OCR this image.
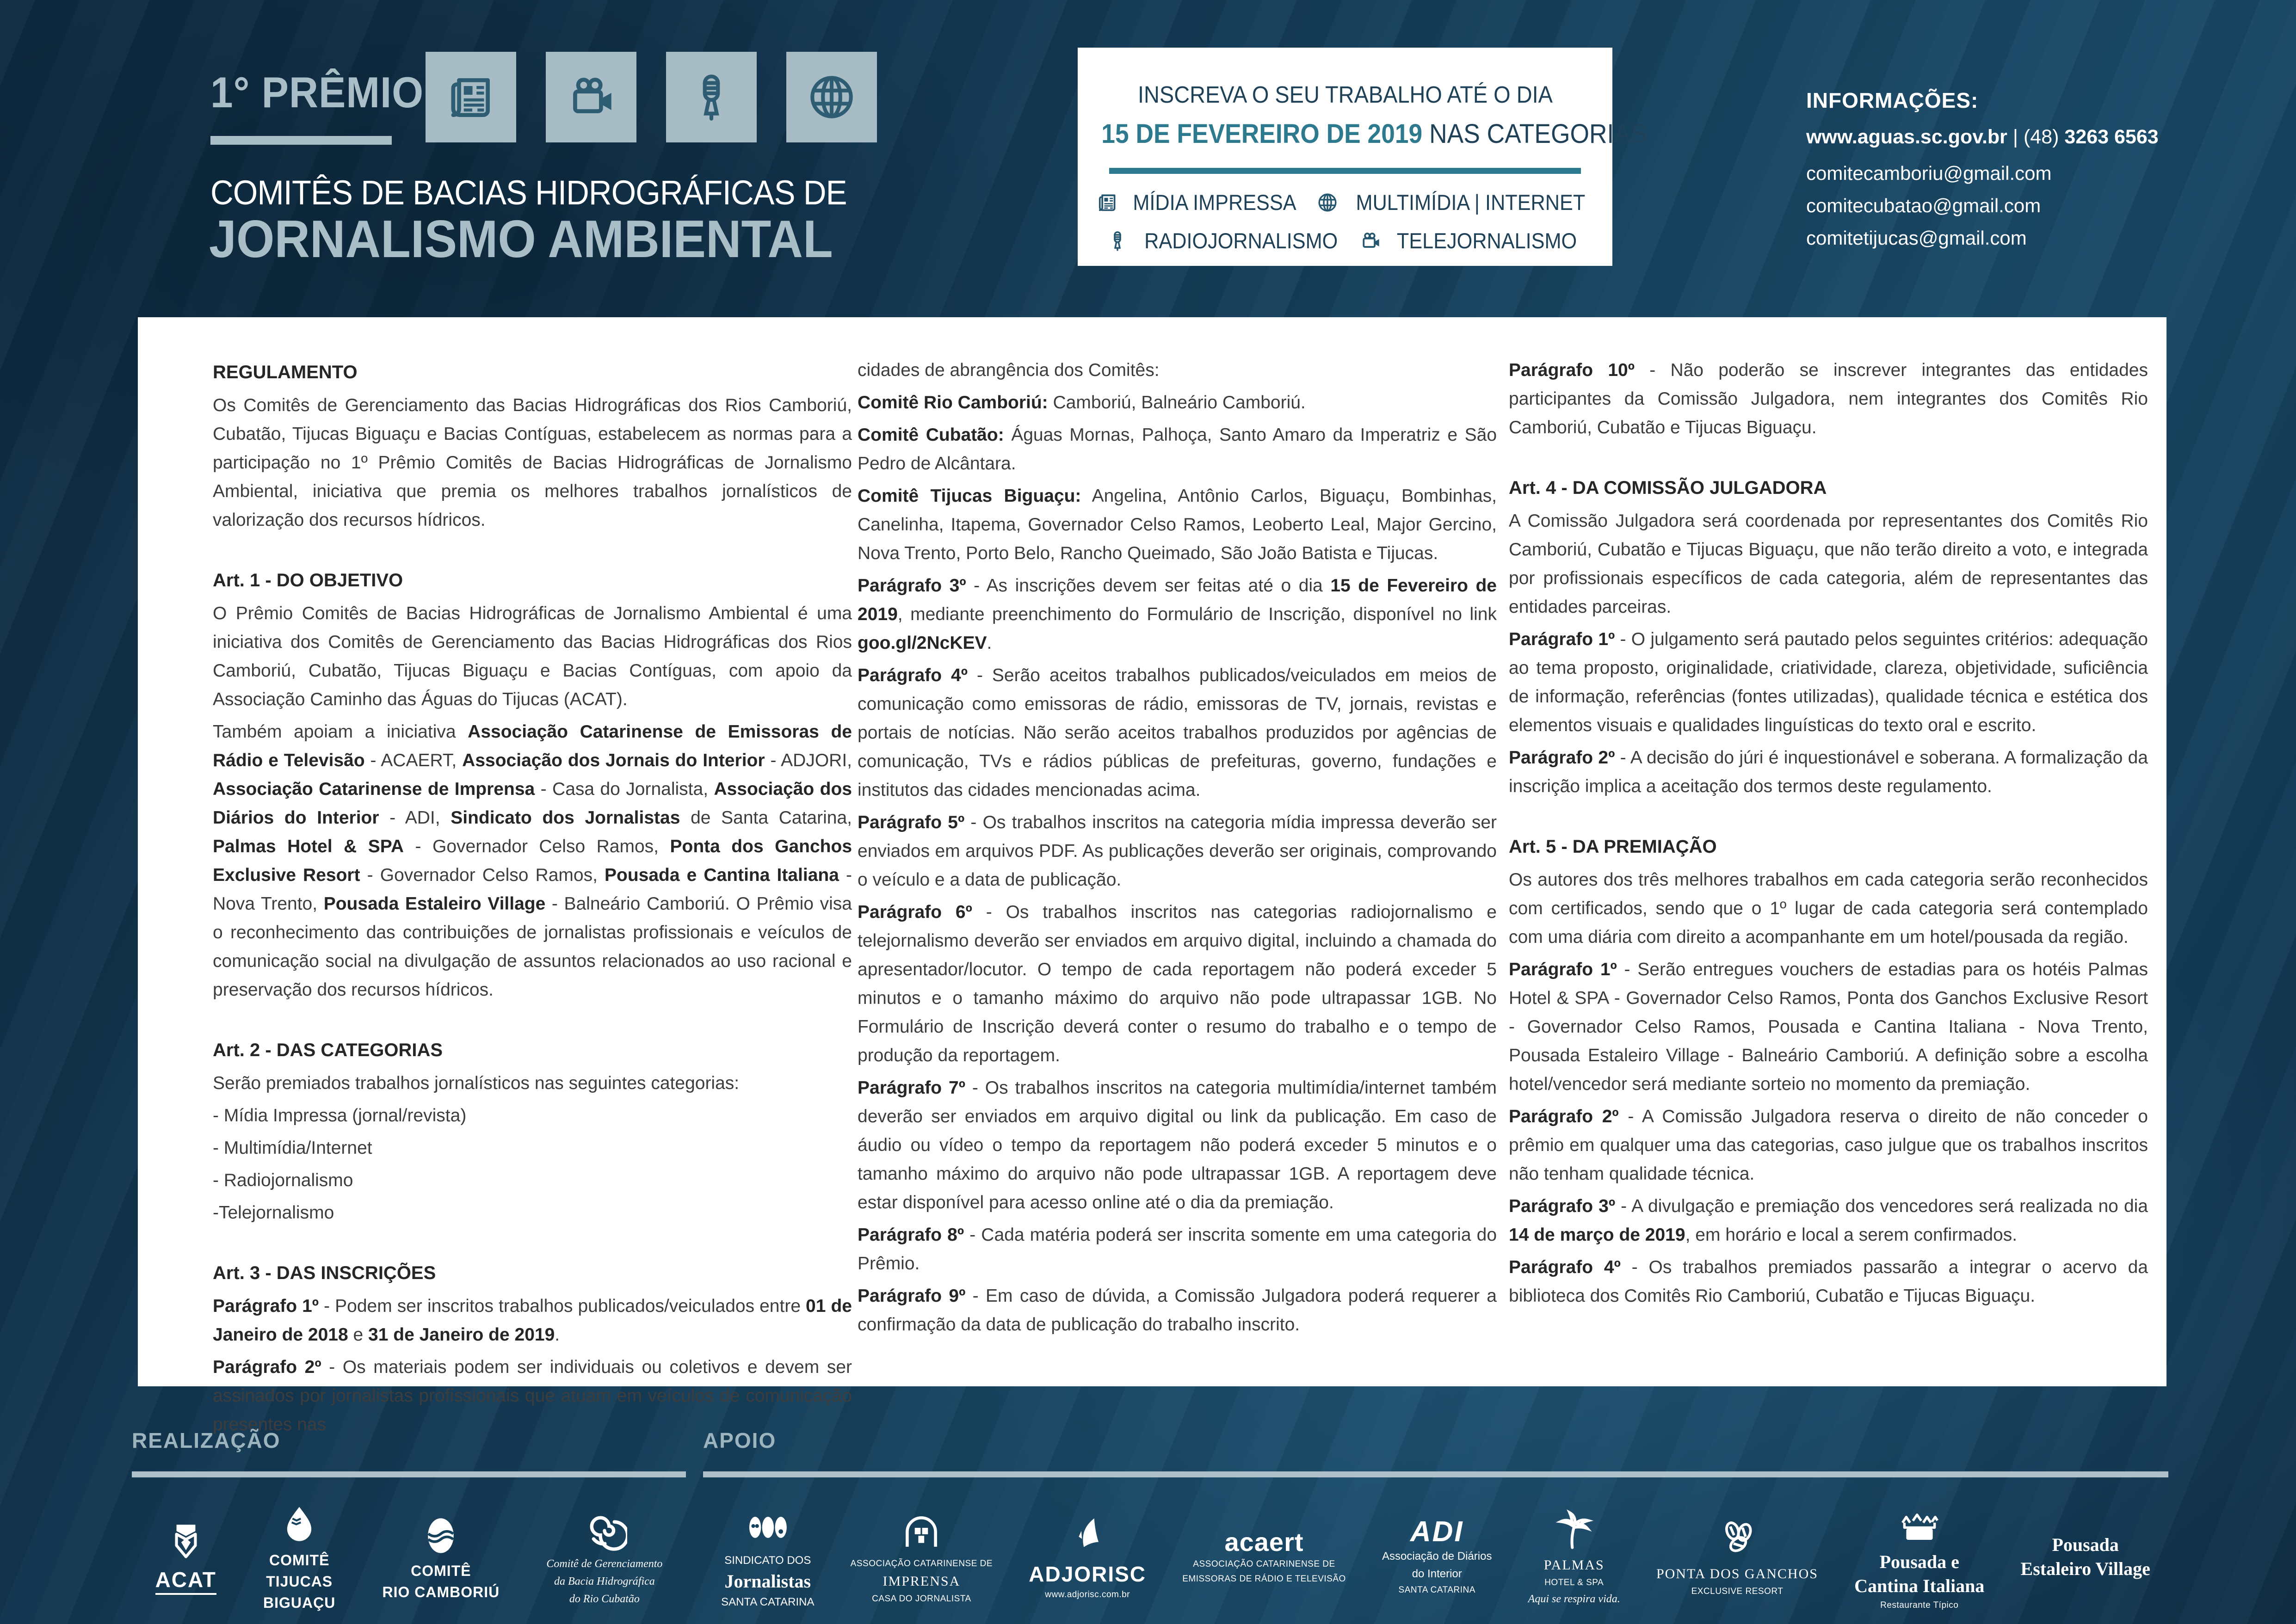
1° PRÊMIO
COMITÊS DE BACIAS HIDROGRÁFICAS DE
JORNALISMO AMBIENTAL
INSCREVA O SEU TRABALHO ATÉ O DIA
15 DE FEVEREIRO DE 2019 NAS CATEGORIAS
MÍDIA IMPRESSA	MULTIMÍDIA | INTERNET
RADIOJORNALISMO	TELEJORNALISMO
INFORMAÇÕES:
www.aguas.sc.gov.br | (48) 3263 6563
comitecamboriu@gmail.com
comitecubatao@gmail.com
comitetijucas@gmail.com
REGULAMENTO

Os Comitês de Gerenciamento das Bacias Hidrográficas dos Rios Camboriú, Cubatão, Tijucas Biguaçu e Bacias Contíguas, estabelecem as normas para a participação no 1º Prêmio Comitês de Bacias Hidrográficas de Jornalismo Ambiental, iniciativa que premia os melhores trabalhos jornalísticos de valorização dos recursos hídricos.

Art. 1 - DO OBJETIVO

O Prêmio Comitês de Bacias Hidrográficas de Jornalismo Ambiental é uma iniciativa dos Comitês de Gerenciamento das Bacias Hidrográficas dos Rios Camboriú, Cubatão, Tijucas Biguaçu e Bacias Contíguas, com apoio da Associação Caminho das Águas do Tijucas (ACAT).

Também apoiam a iniciativa Associação Catarinense de Emissoras de Rádio e Televisão - ACAERT, Associação dos Jornais do Interior - ADJORI, Associação Catarinense de Imprensa - Casa do Jornalista, Associação dos Diários do Interior - ADI, Sindicato dos Jornalistas de Santa Catarina, Palmas Hotel & SPA - Governador Celso Ramos, Ponta dos Ganchos Exclusive Resort - Governador Celso Ramos, Pousada e Cantina Italiana - Nova Trento, Pousada Estaleiro Village - Balneário Camboriú. O Prêmio visa o reconhecimento das contribuições de jornalistas profissionais e veículos de comunicação social na divulgação de assuntos relacionados ao uso racional e preservação dos recursos hídricos.

Art. 2 - DAS CATEGORIAS

Serão premiados trabalhos jornalísticos nas seguintes categorias:

- Mídia Impressa (jornal/revista)

- Multimídia/Internet

- Radiojornalismo

-Telejornalismo

Art. 3 - DAS INSCRIÇÕES

Parágrafo 1º - Podem ser inscritos trabalhos publicados/veiculados entre 01 de Janeiro de 2018 e 31 de Janeiro de 2019.

Parágrafo 2º - Os materiais podem ser individuais ou coletivos e devem ser assinados por jornalistas profissionais que atuam em veículos de comunicação presentes nas

cidades de abrangência dos Comitês:

Comitê Rio Camboriú: Camboriú, Balneário Camboriú.

Comitê Cubatão: Águas Mornas, Palhoça, Santo Amaro da Imperatriz e São Pedro de Alcântara.

Comitê Tijucas Biguaçu: Angelina, Antônio Carlos, Biguaçu, Bombinhas, Canelinha, Itapema, Governador Celso Ramos, Leoberto Leal, Major Gercino, Nova Trento, Porto Belo, Rancho Queimado, São João Batista e Tijucas.

Parágrafo 3º - As inscrições devem ser feitas até o dia 15 de Fevereiro de 2019, mediante preenchimento do Formulário de Inscrição, disponível no link goo.gl/2NcKEV.

Parágrafo 4º - Serão aceitos trabalhos publicados/veiculados em meios de comunicação como emissoras de rádio, emissoras de TV, jornais, revistas e portais de notícias. Não serão aceitos trabalhos produzidos por agências de comunicação, TVs e rádios públicas de prefeituras, governo, fundações e institutos das cidades mencionadas acima.

Parágrafo 5º - Os trabalhos inscritos na categoria mídia impressa deverão ser enviados em arquivos PDF. As publicações deverão ser originais, comprovando o veículo e a data de publicação.

Parágrafo 6º - Os trabalhos inscritos nas categorias radiojornalismo e telejornalismo deverão ser enviados em arquivo digital, incluindo a chamada do apresentador/locutor. O tempo de cada reportagem não poderá exceder 5 minutos e o tamanho máximo do arquivo não pode ultrapassar 1GB. No Formulário de Inscrição deverá conter o resumo do trabalho e o tempo de produção da reportagem.

Parágrafo 7º - Os trabalhos inscritos na categoria multimídia/internet também deverão ser enviados em arquivo digital ou link da publicação. Em caso de áudio ou vídeo o tempo da reportagem não poderá exceder 5 minutos e o tamanho máximo do arquivo não pode ultrapassar 1GB. A reportagem deve estar disponível para acesso online até o dia da premiação.

Parágrafo 8º - Cada matéria poderá ser inscrita somente em uma categoria do Prêmio.

Parágrafo 9º - Em caso de dúvida, a Comissão Julgadora poderá requerer a confirmação da data de publicação do trabalho inscrito.

Parágrafo 10º - Não poderão se inscrever integrantes das entidades participantes da Comissão Julgadora, nem integrantes dos Comitês Rio Camboriú, Cubatão e Tijucas Biguaçu.

Art. 4 - DA COMISSÃO JULGADORA

A Comissão Julgadora será coordenada por representantes dos Comitês Rio Camboriú, Cubatão e Tijucas Biguaçu, que não terão direito a voto, e integrada por profissionais específicos de cada categoria, além de representantes das entidades parceiras.

Parágrafo 1º - O julgamento será pautado pelos seguintes critérios: adequação ao tema proposto, originalidade, criatividade, clareza, objetividade, suficiência de informação, referências (fontes utilizadas), qualidade técnica e estética dos elementos visuais e qualidades linguísticas do texto oral e escrito.

Parágrafo 2º - A decisão do júri é inquestionável e soberana. A formalização da inscrição implica a aceitação dos termos deste regulamento.

Art. 5 - DA PREMIAÇÃO

Os autores dos três melhores trabalhos em cada categoria serão reconhecidos com certificados, sendo que o 1º lugar de cada categoria será contemplado com uma diária com direito a acompanhante em um hotel/pousada da região.

Parágrafo 1º - Serão entregues vouchers de estadias para os hotéis Palmas Hotel & SPA - Governador Celso Ramos, Ponta dos Ganchos Exclusive Resort - Governador Celso Ramos, Pousada e Cantina Italiana - Nova Trento, Pousada Estaleiro Village - Balneário Camboriú. A definição sobre a escolha hotel/vencedor será mediante sorteio no momento da premiação.

Parágrafo 2º - A Comissão Julgadora reserva o direito de não conceder o prêmio em qualquer uma das categorias, caso julgue que os trabalhos inscritos não tenham qualidade técnica.

Parágrafo 3º - A divulgação e premiação dos vencedores será realizada no dia 14 de março de 2019, em horário e local a serem confirmados.

Parágrafo 4º - Os trabalhos premiados passarão a integrar o acervo da biblioteca dos Comitês Rio Camboriú, Cubatão e Tijucas Biguaçu.

REALIZAÇÃO	APOIO
ACAT
COMITÊ
TIJUCAS
BIGUAÇU
COMITÊ
RIO CAMBORIÚ
Comitê de Gerenciamento
da Bacia Hidrográfica
do Rio Cubatão
SINDICATO DOS
Jornalistas
SANTA CATARINA
ASSOCIAÇÃO CATARINENSE DE
IMPRENSA
CASA DO JORNALISTA
ADJORISC
www.adjorisc.com.br
acaert
ASSOCIAÇÃO CATARINENSE DE
EMISSORAS DE RÁDIO E TELEVISÃO
ADI
Associação de Diários
do Interior
SANTA CATARINA
PALMAS
HOTEL & SPA
Aqui se respira vida.
PONTA DOS GANCHOS
EXCLUSIVE RESORT
Pousada e
Cantina Italiana
Restaurante Típico
Pousada
Estaleiro Village
